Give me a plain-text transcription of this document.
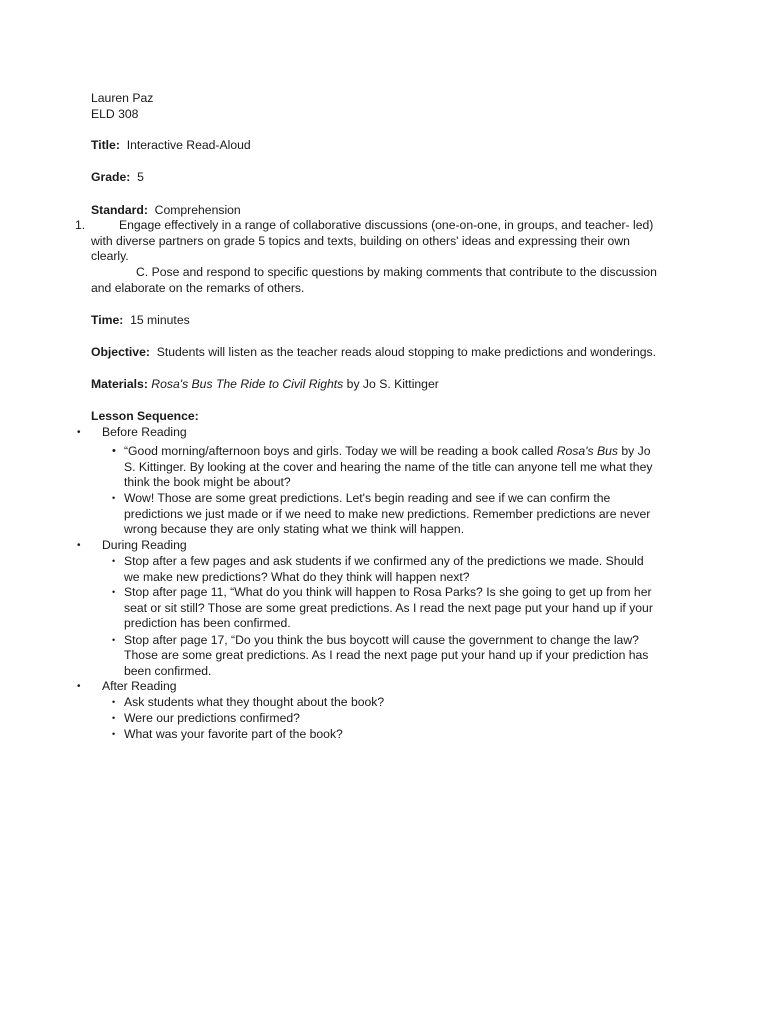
Lauren Paz
ELD 308
Title: Interactive Read-Aloud
Grade: 5
Standard: Comprehension
1.	Engage effectively in a range of collaborative discussions (one-on-one, in groups, and teacher- led)
with diverse partners on grade 5 topics and texts, building on others' ideas and expressing their own
clearly.
C. Pose and respond to specific questions by making comments that contribute to the discussion
and elaborate on the remarks of others.
Time: 15 minutes
Objective: Students will listen as the teacher reads aloud stopping to make predictions and wonderings.
Materials: Rosa's Bus The Ride to Civil Rights by Jo S. Kittinger
Lesson Sequence:
• Before Reading
• “Good morning/afternoon boys and girls. Today we will be reading a book called Rosa's Bus by Jo
S. Kittinger. By looking at the cover and hearing the name of the title can anyone tell me what they
think the book might be about?
• Wow! Those are some great predictions. Let's begin reading and see if we can confirm the
predictions we just made or if we need to make new predictions. Remember predictions are never
wrong because they are only stating what we think will happen.
• During Reading
• Stop after a few pages and ask students if we confirmed any of the predictions we made. Should
we make new predictions? What do they think will happen next?
• Stop after page 11, “What do you think will happen to Rosa Parks? Is she going to get up from her
seat or sit still? Those are some great predictions. As I read the next page put your hand up if your
prediction has been confirmed.
• Stop after page 17, “Do you think the bus boycott will cause the government to change the law?
Those are some great predictions. As I read the next page put your hand up if your prediction has
been confirmed.
• After Reading
• Ask students what they thought about the book?
• Were our predictions confirmed?
• What was your favorite part of the book?
